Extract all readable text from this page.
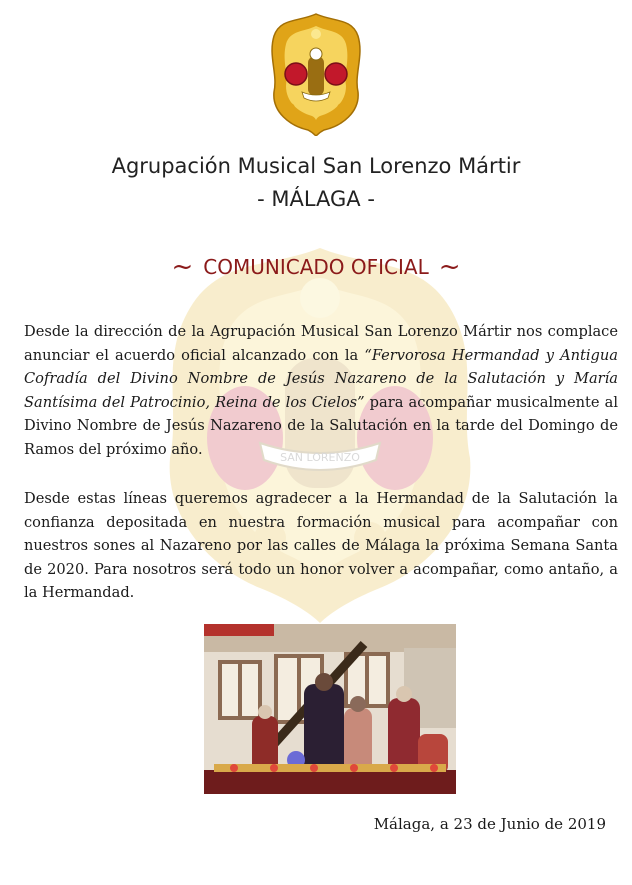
SAN LORENZO
Agrupación Musical San Lorenzo Mártir
- MÁLAGA -
~ COMUNICADO OFICIAL ~

Desde la dirección de la Agrupación Musical San Lorenzo Mártir nos complace anunciar el acuerdo oficial alcanzado con la “Fervorosa Hermandad y Antigua Cofradía del Divino Nombre de Jesús Nazareno de la Salutación y María Santísima del Patrocinio, Reina de los Cielos” para acompañar musicalmente al Divino Nombre de Jesús Nazareno de la Salutación en la tarde del Domingo de Ramos del próximo año.

Desde estas líneas queremos agradecer a la Hermandad de la Salutación la confianza depositada en nuestra formación musical para acompañar con nuestros sones al Nazareno por las calles de Málaga la próxima Semana Santa de 2020. Para nosotros será todo un honor volver a acompañar, como antaño, a la Hermandad.

Málaga, a 23 de Junio de 2019
